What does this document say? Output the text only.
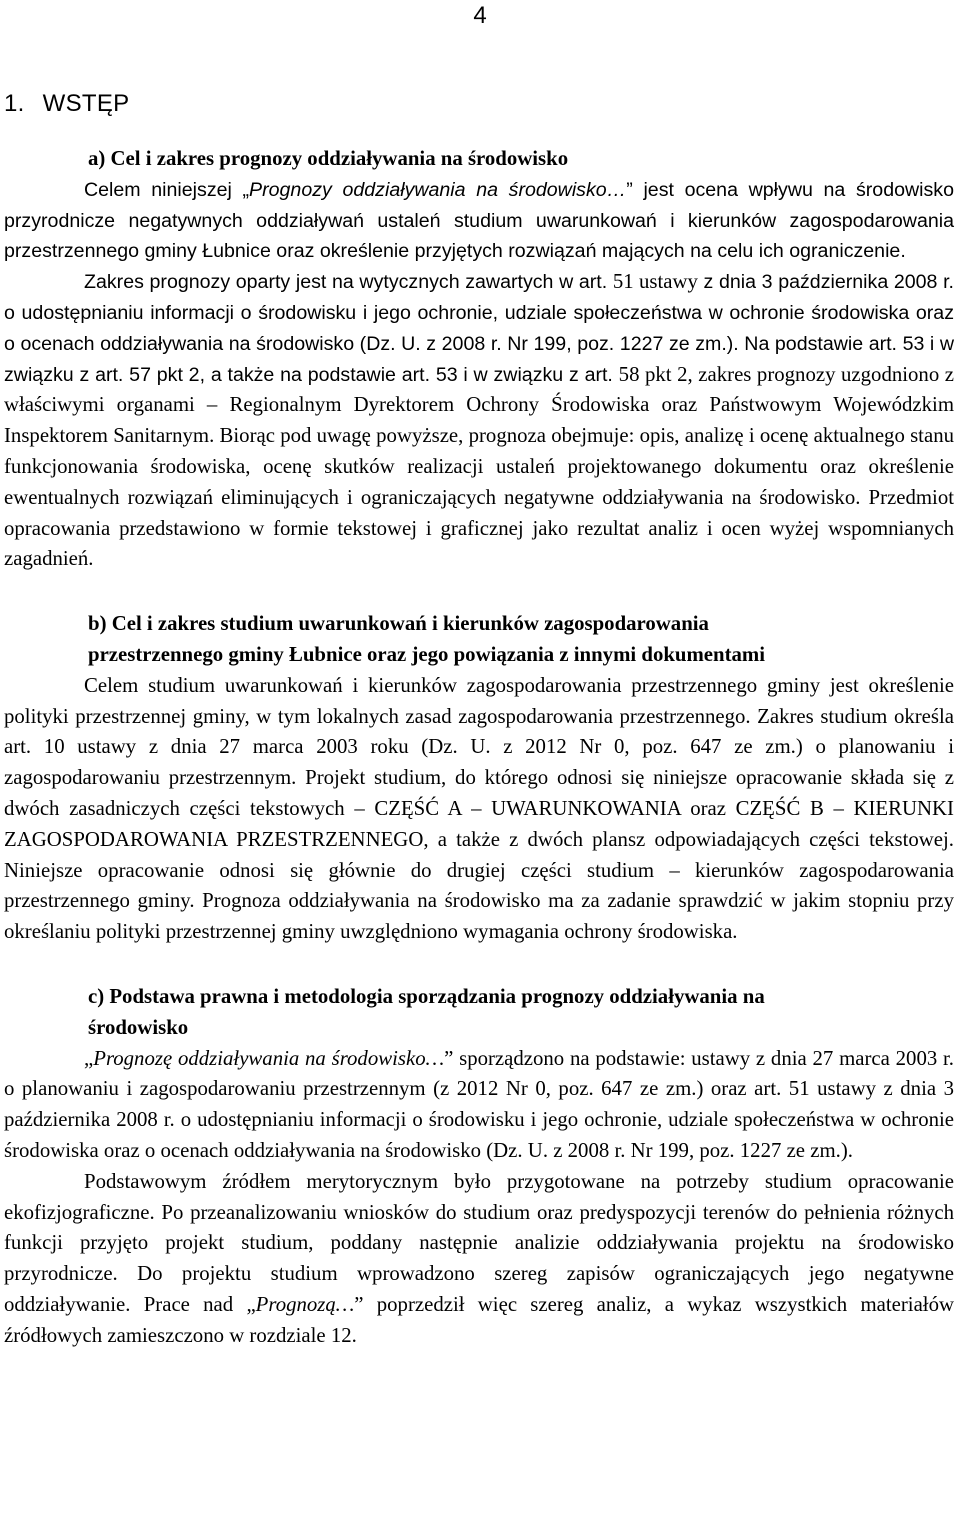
4
1. WSTĘP
a) Cel i zakres prognozy oddziaływania na środowisko

Celem niniejszej „Prognozy oddziaływania na środowisko…” jest ocena wpływu na środowisko przyrodnicze negatywnych oddziaływań ustaleń studium uwarunkowań i kierunków zagospodarowania przestrzennego gminy Łubnice oraz określenie przyjętych rozwiązań mających na celu ich ograniczenie.

Zakres prognozy oparty jest na wytycznych zawartych w art. 51 ustawy z dnia 3 października 2008 r. o udostępnianiu informacji o środowisku i jego ochronie, udziale społeczeństwa w ochronie środowiska oraz o ocenach oddziaływania na środowisko (Dz. U. z 2008 r. Nr 199, poz. 1227 ze zm.). Na podstawie art. 53 i w związku z art. 57 pkt 2, a także na podstawie art. 53 i w związku z art. 58 pkt 2, zakres prognozy uzgodniono z właściwymi organami – Regionalnym Dyrektorem Ochrony Środowiska oraz Państwowym Wojewódzkim Inspektorem Sanitarnym. Biorąc pod uwagę powyższe, prognoza obejmuje: opis, analizę i ocenę aktualnego stanu funkcjonowania środowiska, ocenę skutków realizacji ustaleń projektowanego dokumentu oraz określenie ewentualnych rozwiązań eliminujących i ograniczających negatywne oddziaływania na środowisko. Przedmiot opracowania przedstawiono w formie tekstowej i graficznej jako rezultat analiz i ocen wyżej wspomnianych zagadnień.

b) Cel i zakres studium uwarunkowań i kierunków zagospodarowania
przestrzennego gminy Łubnice oraz jego powiązania z innymi dokumentami

Celem studium uwarunkowań i kierunków zagospodarowania przestrzennego gminy jest określenie polityki przestrzennej gminy, w tym lokalnych zasad zagospodarowania przestrzennego. Zakres studium określa art. 10 ustawy z dnia 27 marca 2003 roku (Dz. U. z 2012 Nr 0, poz. 647 ze zm.) o planowaniu i zagospodarowaniu przestrzennym. Projekt studium, do którego odnosi się niniejsze opracowanie składa się z dwóch zasadniczych części tekstowych – CZĘŚĆ A – UWARUNKOWANIA oraz CZĘŚĆ B – KIERUNKI ZAGOSPODAROWANIA PRZESTRZENNEGO, a także z dwóch plansz odpowiadających części tekstowej. Niniejsze opracowanie odnosi się głównie do drugiej części studium – kierunków zagospodarowania przestrzennego gminy. Prognoza oddziaływania na środowisko ma za zadanie sprawdzić w jakim stopniu przy określaniu polityki przestrzennej gminy uwzględniono wymagania ochrony środowiska.

c) Podstawa prawna i metodologia sporządzania prognozy oddziaływania na
środowisko

„Prognozę oddziaływania na środowisko…” sporządzono na podstawie: ustawy z dnia 27 marca 2003 r. o planowaniu i zagospodarowaniu przestrzennym (z 2012 Nr 0, poz. 647 ze zm.) oraz art. 51 ustawy z dnia 3 października 2008 r. o udostępnianiu informacji o środowisku i jego ochronie, udziale społeczeństwa w ochronie środowiska oraz o ocenach oddziaływania na środowisko (Dz. U. z 2008 r. Nr 199, poz. 1227 ze zm.).

Podstawowym źródłem merytorycznym było przygotowane na potrzeby studium opracowanie ekofizjograficzne. Po przeanalizowaniu wniosków do studium oraz predyspozycji terenów do pełnienia różnych funkcji przyjęto projekt studium, poddany następnie analizie oddziaływania projektu na środowisko przyrodnicze. Do projektu studium wprowadzono szereg zapisów ograniczających jego negatywne oddziaływanie. Prace nad „Prognozą…” poprzedził więc szereg analiz, a wykaz wszystkich materiałów źródłowych zamieszczono w rozdziale 12.
